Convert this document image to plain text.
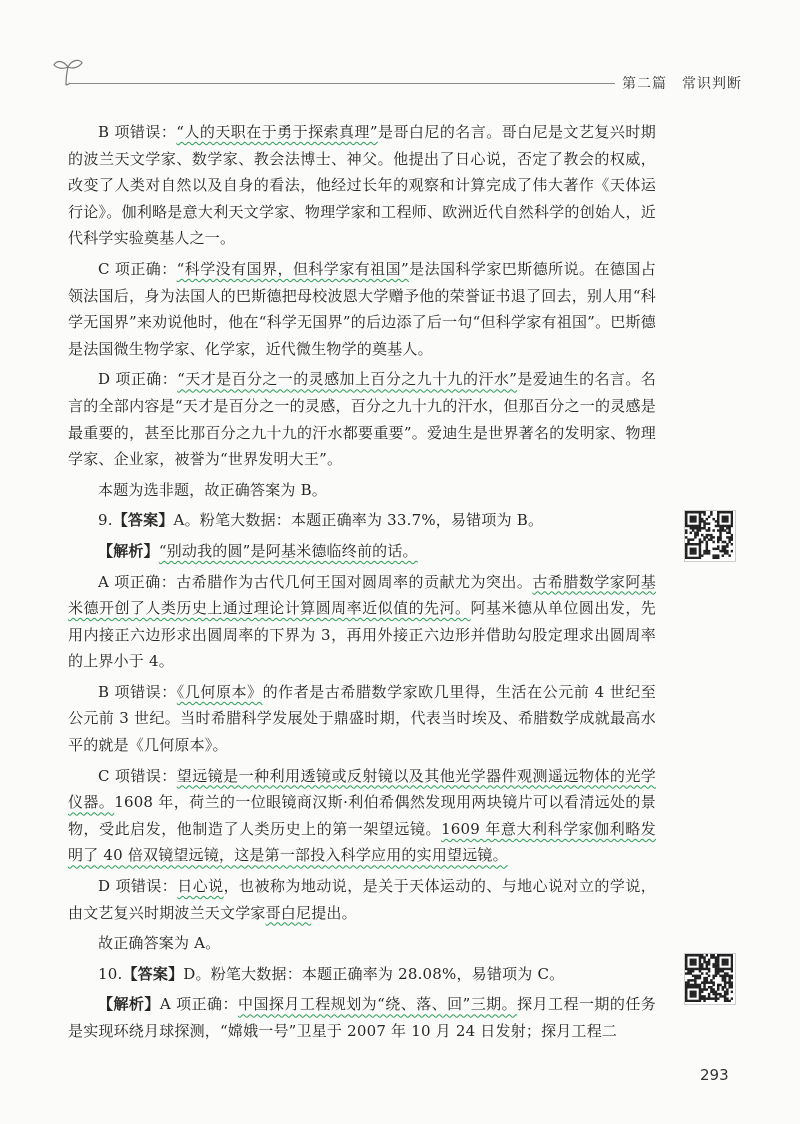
第二篇　常识判断

B 项错误：“人的天职在于勇于探索真理”是哥白尼的名言。哥白尼是文艺复兴时期的波兰天文学家、数学家、教会法博士、神父。他提出了日心说，否定了教会的权威，改变了人类对自然以及自身的看法，他经过长年的观察和计算完成了伟大著作《天体运行论》。伽利略是意大利天文学家、物理学家和工程师、欧洲近代自然科学的创始人，近代科学实验奠基人之一。

C 项正确：“科学没有国界，但科学家有祖国”是法国科学家巴斯德所说。在德国占领法国后，身为法国人的巴斯德把母校波恩大学赠予他的荣誉证书退了回去，别人用“科学无国界”来劝说他时，他在“科学无国界”的后边添了后一句“但科学家有祖国”。巴斯德是法国微生物学家、化学家，近代微生物学的奠基人。

D 项正确：“天才是百分之一的灵感加上百分之九十九的汗水”是爱迪生的名言。名言的全部内容是“天才是百分之一的灵感，百分之九十九的汗水，但那百分之一的灵感是最重要的，甚至比那百分之九十九的汗水都要重要”。爱迪生是世界著名的发明家、物理学家、企业家，被誉为“世界发明大王”。

本题为选非题，故正确答案为 B。

9.【答案】A。粉笔大数据：本题正确率为 33.7%，易错项为 B。

【解析】“别动我的圆”是阿基米德临终前的话。

A 项正确：古希腊作为古代几何王国对圆周率的贡献尤为突出。古希腊数学家阿基米德开创了人类历史上通过理论计算圆周率近似值的先河。阿基米德从单位圆出发，先用内接正六边形求出圆周率的下界为 3，再用外接正六边形并借助勾股定理求出圆周率的上界小于 4。

B 项错误：《几何原本》的作者是古希腊数学家欧几里得，生活在公元前 4 世纪至公元前 3 世纪。当时希腊科学发展处于鼎盛时期，代表当时埃及、希腊数学成就最高水平的就是《几何原本》。

C 项错误：望远镜是一种利用透镜或反射镜以及其他光学器件观测遥远物体的光学仪器。1608 年，荷兰的一位眼镜商汉斯·利伯希偶然发现用两块镜片可以看清远处的景物，受此启发，他制造了人类历史上的第一架望远镜。1609 年意大利科学家伽利略发明了 40 倍双镜望远镜，这是第一部投入科学应用的实用望远镜。

D 项错误：日心说，也被称为地动说，是关于天体运动的、与地心说对立的学说，由文艺复兴时期波兰天文学家哥白尼提出。

故正确答案为 A。

10.【答案】D。粉笔大数据：本题正确率为 28.08%，易错项为 C。

【解析】A 项正确：中国探月工程规划为“绕、落、回”三期。探月工程一期的任务是实现环绕月球探测，“嫦娥一号”卫星于 2007 年 10 月 24 日发射；探月工程二

293
